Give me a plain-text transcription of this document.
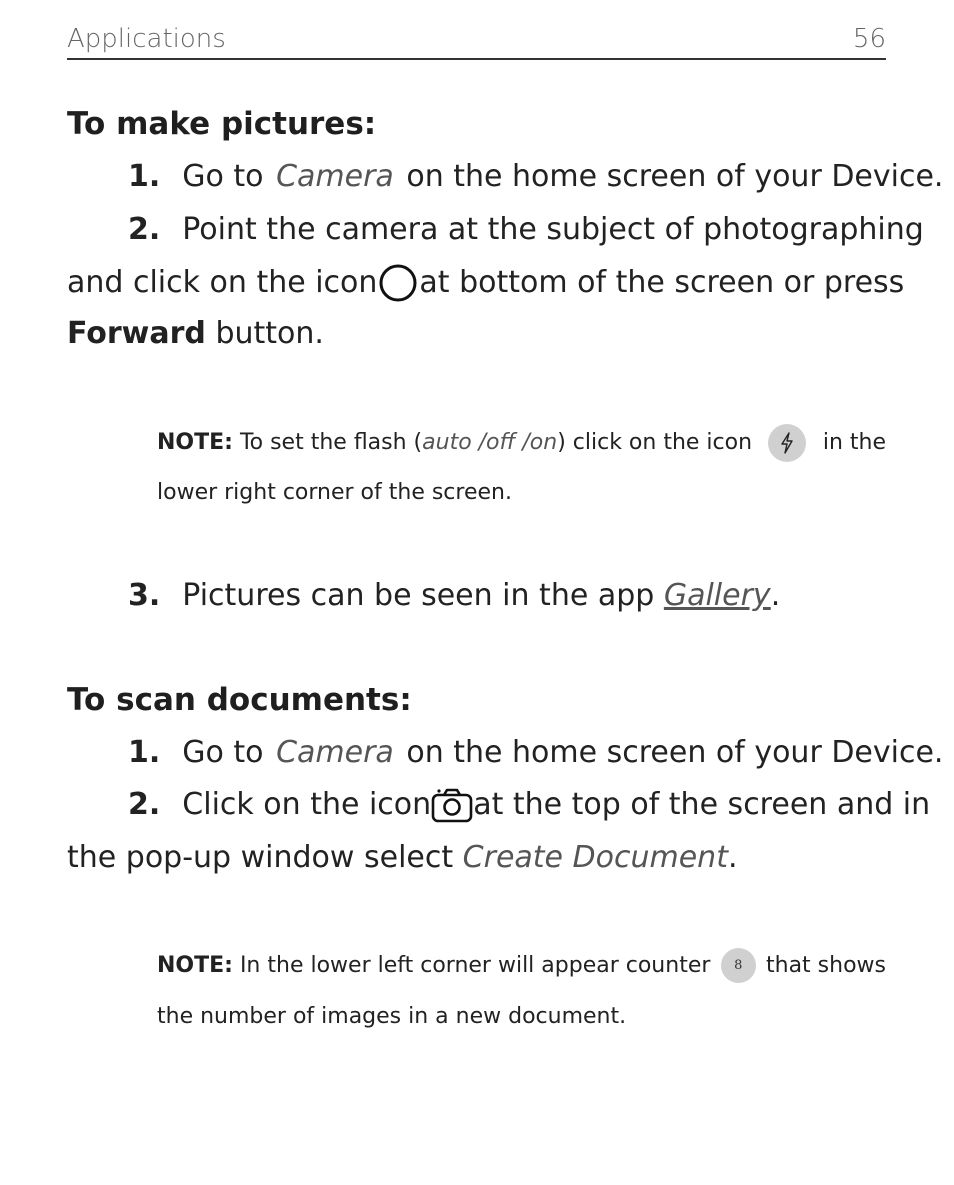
Applications	56
To make pictures:
1. Go to
  Camera
  on the home screen of your Device.
2. Point the camera at the subject of photographing
and click on the icon at bottom of the screen or press
Forward button.
NOTE: To set the flash ( auto /off /on ) click on the icon	in the
lower right corner of the screen.
3. Pictures can be seen in the app Gallery.
To scan documents:
1. Go to
  Camera
  on the home screen of your Device.
2. Click on the icon at the top of the screen and in
the pop-up window select Create Document.
NOTE: In the lower left corner will appear counter 8 that shows
the number of images in a new document.
